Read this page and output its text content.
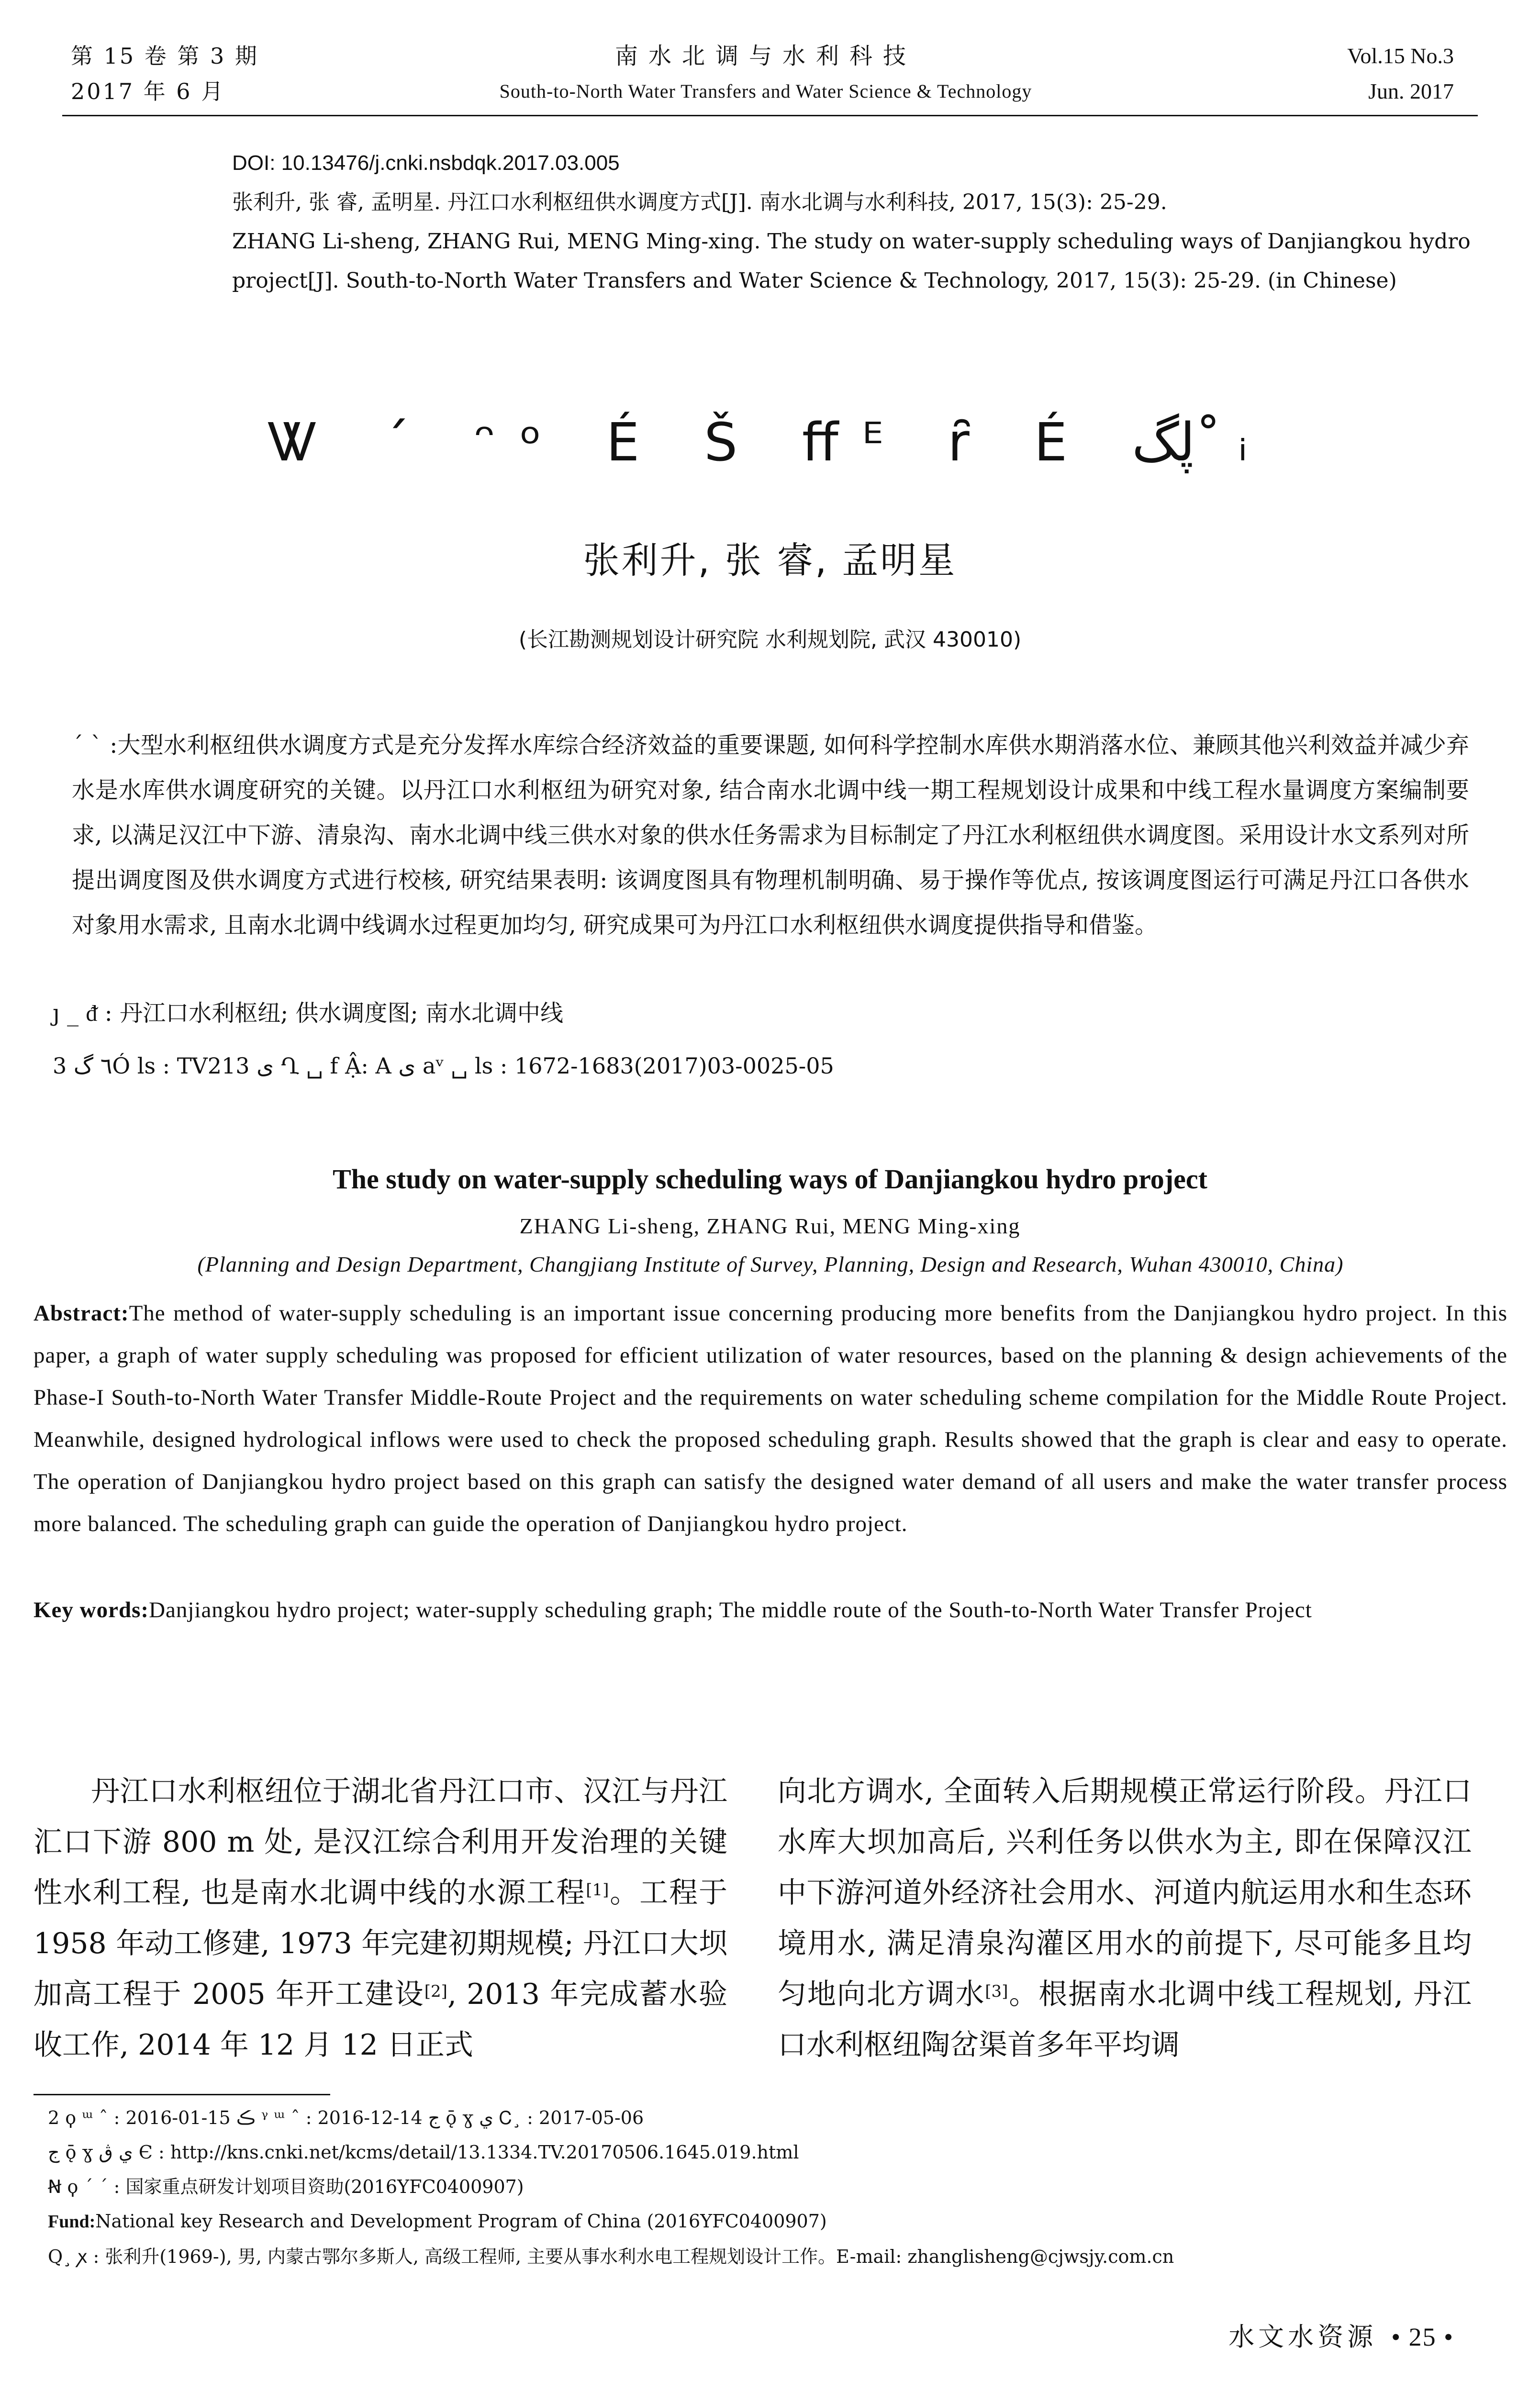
第 15 卷 第 3 期
2017 年 6 月
南水北调与水利科技
South-to-North Water Transfers and Water Science & Technology
Vol.15 No.3
Jun. 2017
DOI: 10.13476/j.cnki.nsbdqk.2017.03.005
张利升, 张 睿, 孟明星. 丹江口水利枢纽供水调度方式[J]. 南水北调与水利科技, 2017, 15(3): 25-29.
ZHANG Li-sheng, ZHANG Rui, MENG Ming-xing. The study on water-supply scheduling ways of Danjiangkou hydro project[J]. South-to-North Water Transfers and Water Science & Technology, 2017, 15(3): 25-29. (in Chinese)
Ꮤ ˊ ᵔᵒ É Š ﬀᴱ ȓ É ڸگ˚ ᵢ
张利升, 张 睿, 孟明星
(长江勘测规划设计研究院 水利规划院, 武汉 430010)
ˊ ˋ :大型水利枢纽供水调度方式是充分发挥水库综合经济效益的重要课题, 如何科学控制水库供水期消落水位、兼顾其他兴利效益并减少弃水是水库供水调度研究的关键。以丹江口水利枢纽为研究对象, 结合南水北调中线一期工程规划设计成果和中线工程水量调度方案编制要求, 以满足汉江中下游、清泉沟、南水北调中线三供水对象的供水任务需求为目标制定了丹江水利枢纽供水调度图。采用设计水文系列对所提出调度图及供水调度方式进行校核, 研究结果表明: 该调度图具有物理机制明确、易于操作等优点, 按该调度图运行可满足丹江口各供水对象用水需求, 且南水北调中线调水过程更加均匀, 研究成果可为丹江口水利枢纽供水调度提供指导和借鉴。
ȷ _ ᵭ : 丹江口水利枢纽; 供水调度图; 南水北调中线
3 ٦ گÓ ls : TV213 ى Ղ ␣ f Ậ: A ى aᵛ ␣ ls : 1672-1683(2017)03-0025-05
The study on water-supply scheduling ways of Danjiangkou hydro project
ZHANG Li-sheng, ZHANG Rui, MENG Ming-xing
(Planning and Design Department, Changjiang Institute of Survey, Planning, Design and Research, Wuhan 430010, China)
Abstract:The method of water-supply scheduling is an important issue concerning producing more benefits from the Danjiangkou hydro project. In this paper, a graph of water supply scheduling was proposed for efficient utilization of water resources, based on the planning & design achievements of the Phase-I South-to-North Water Transfer Middle-Route Project and the requirements on water scheduling scheme compilation for the Middle Route Project. Meanwhile, designed hydrological inflows were used to check the proposed scheduling graph. Results showed that the graph is clear and easy to operate. The operation of Danjiangkou hydro project based on this graph can satisfy the designed water demand of all users and make the water transfer process more balanced. The scheduling graph can guide the operation of Danjiangkou hydro project.
Key words:Danjiangkou hydro project; water-supply scheduling graph; The middle route of the South-to-North Water Transfer Project
丹江口水利枢纽位于湖北省丹江口市、汉江与丹江汇口下游 800 m 处, 是汉江综合利用开发治理的关键性水利工程, 也是南水北调中线的水源工程[1]。工程于 1958 年动工修建, 1973 年完建初期规模; 丹江口大坝加高工程于 2005 年开工建设[2], 2013 年完成蓄水验收工作, 2014 年 12 月 12 日正式
向北方调水, 全面转入后期规模正常运行阶段。丹江口水库大坝加高后, 兴利任务以供水为主, 即在保障汉江中下游河道外经济社会用水、河道内航运用水和生态环境用水, 满足清泉沟灌区用水的前提下, 尽可能多且均匀地向北方调水[3]。根据南水北调中线工程规划, 丹江口水利枢纽陶岔渠首多年平均调
2 ϙ ᵚ ˆ : 2016-01-15 ڪ ᵞ ᵚ ˆ : 2016-12-14 ج ǭ ɣ ي Ꮯ¸ : 2017-05-06
ج ǭ ɣ ي ڨ Є : http://kns.cnki.net/kcms/detail/13.1334.TV.20170506.1645.019.html
Ꞥ ϙ ˊ ˊ : 国家重点研发计划项目资助(2016YFC0400907)
Fund:National key Research and Development Program of China (2016YFC0400907)
Q¸ ꭗ : 张利升(1969-), 男, 内蒙古鄂尔多斯人, 高级工程师, 主要从事水利水电工程规划设计工作。E-mail: zhanglisheng@cjwsjy.com.cn
水文水资源 • 25 •
